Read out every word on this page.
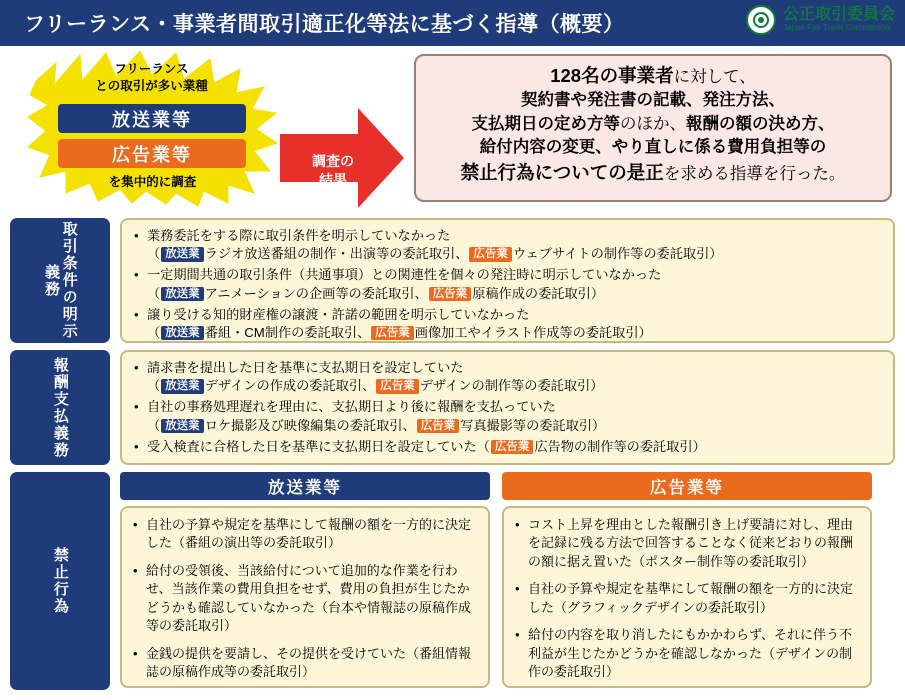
フリーランス・事業者間取引適正化等法に基づく指導（概要）	公正取引委員会
Japan Fair Trade Commission
フリーランス
との取引が多い業種
放送業等
広告業等
を集中的に調査
調査の
結果
128名の事業者に対して、
契約書や発注書の記載、発注方法、
支払期日の定め方等のほか、報酬の額の決め方、
給付内容の変更、やり直しに係る費用負担等の
禁止行為についての是正を求める指導を行った。
取引条件の明示義務
• 業務委託をする際に取引条件を明示していなかった
（ 放送業 ラジオ放送番組の制作・出演等の委託取引、 広告業 ウェブサイトの制作等の委託取引）
• 一定期間共通の取引条件（共通事項）との関連性を個々の発注時に明示していなかった
（ 放送業 アニメーションの企画等の委託取引、 広告業 原稿作成の委託取引）
• 譲り受ける知的財産権の譲渡・許諾の範囲を明示していなかった
（ 放送業 番組・CM制作の委託取引、 広告業 画像加工やイラスト作成等の委託取引）
報酬支払義務	• 請求書を提出した日を基準に支払期日を設定していた
（ 放送業 デザインの作成の委託取引、 広告業 デザインの制作等の委託取引）
• 自社の事務処理遅れを理由に、支払期日より後に報酬を支払っていた
（ 放送業 ロケ撮影及び映像編集の委託取引、 広告業 写真撮影等の委託取引）
• 受入検査に合格した日を基準に支払期日を設定していた（ 広告業 広告物の制作等の委託取引）
禁止行為
放送業等
• 自社の予算や規定を基準にして報酬の額を一方的に決定した（番組の演出等の委託取引）
• 給付の受領後、当該給付について追加的な作業を行わせ、当該作業の費用負担をせず、費用の負担が生じたかどうかも確認していなかった（台本や情報誌の原稿作成等の委託取引）
• 金銭の提供を要請し、その提供を受けていた（番組情報誌の原稿作成等の委託取引）
広告業等
• コスト上昇を理由とした報酬引き上げ要請に対し、理由を記録に残る方法で回答することなく従来どおりの報酬の額に据え置いた（ポスター制作等の委託取引）
• 自社の予算や規定を基準にして報酬の額を一方的に決定した（グラフィックデザインの委託取引）
• 給付の内容を取り消したにもかかわらず、それに伴う不利益が生じたかどうかを確認しなかった（デザインの制作の委託取引）
